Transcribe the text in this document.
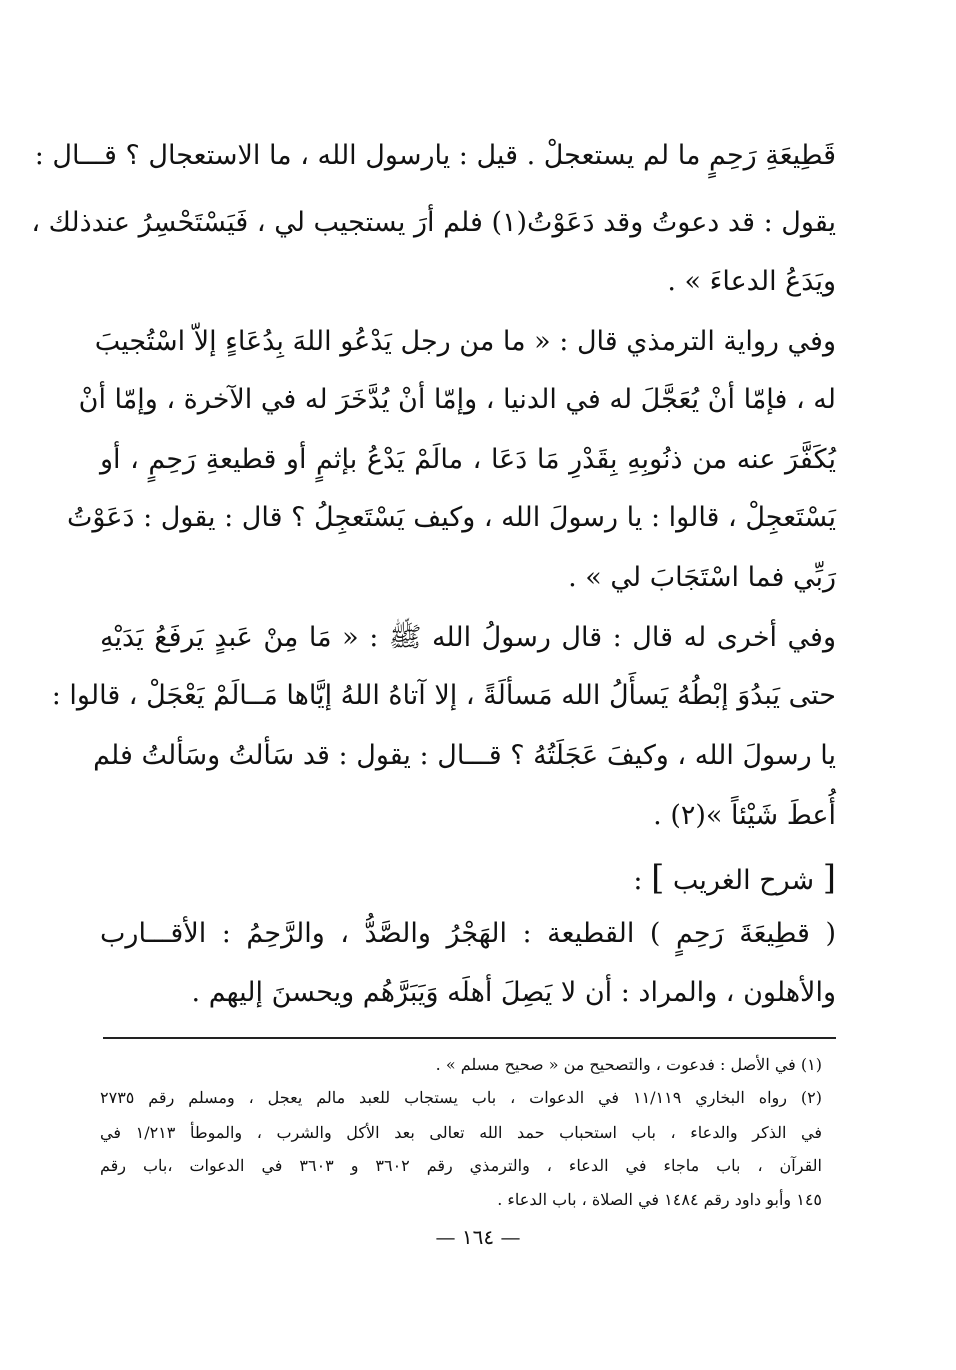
قَطِيعَةِ رَحِمٍ ما لم يستعجلْ . قيل : يارسول الله ، ما الاستعجال ؟ قـــال :
يقول : قد دعوتُ وقد دَعَوْتُ(١) فلم أرَ يستجيب لي ، فَيَسْتَحْسِرُ عندذلك ،
ويَدَعُ الدعاءَ » .
وفي رواية الترمذي قال : « ما من رجل يَدْعُو اللهَ بِدُعَاءٍ إلاّ اسْتُجيبَ
له ، فإمّا أنْ يُعَجَّلَ له في الدنيا ، وإمّا أنْ يُدَّخَرَ له في الآخرة ، وإمّا أنْ
يُكَفَّرَ عنه من ذنُوبِهِ بِقَدْرِ مَا دَعَا ، مالَمْ يَدْعُ بإثمٍ أو قطيعةِ رَحِمٍ ، أو
يَسْتَعجِلْ ، قالوا : يا رسولَ الله ، وكيف يَسْتَعجِلُ ؟ قال : يقول : دَعَوْتُ
رَبِّي فما اسْتَجَابَ لي » .
وفي أخرى له قال : قال رسولُ الله ﷺ : « مَا مِنْ عَبدٍ يَرفَعُ يَدَيْهِ
حتى يَبدُوَ إبْطُهُ يَسأَلُ الله مَسألَةً ، إلا آتاهُ اللهُ إيَّاها مَــالَمْ يَعْجَلْ ، قالوا :
يا رسولَ الله ، وكيفَ عَجَلَتُهُ ؟ قـــال : يقول : قد سَألتُ وسَألتُ فلم
أُعطَ شَيْئاً »(٢) .
[ شرح الغريب ] :
( قطِيعَةَ رَحِمٍ ) القطيعة : الهَجْرُ والصَّدُّ ، والرَّحِمُ : الأقـــارب
والأهلون ، والمراد : أن لا يَصِلَ أهلَه وَيَبَرَّهُم ويحسنَ إليهم .
(١) في الأصل : فدعوت ، والتصحيح من « صحيح مسلم » .
(٢) رواه البخاري ١١/١١٩ في الدعوات ، باب يستجاب للعبد مالم يعجل ، ومسلم رقم ٢٧٣٥
في الذكر والدعاء ، باب استحباب حمد الله تعالى بعد الأكل والشرب ، والموطأ ١/٢١٣ في
القرآن ، باب ماجاء في الدعاء ، والترمذي رقم ٣٦٠٢ و ٣٦٠٣ في الدعوات ،باب رقم
١٤٥ وأبو داود رقم ١٤٨٤ في الصلاة ، باب الدعاء .
— ١٦٤ —
